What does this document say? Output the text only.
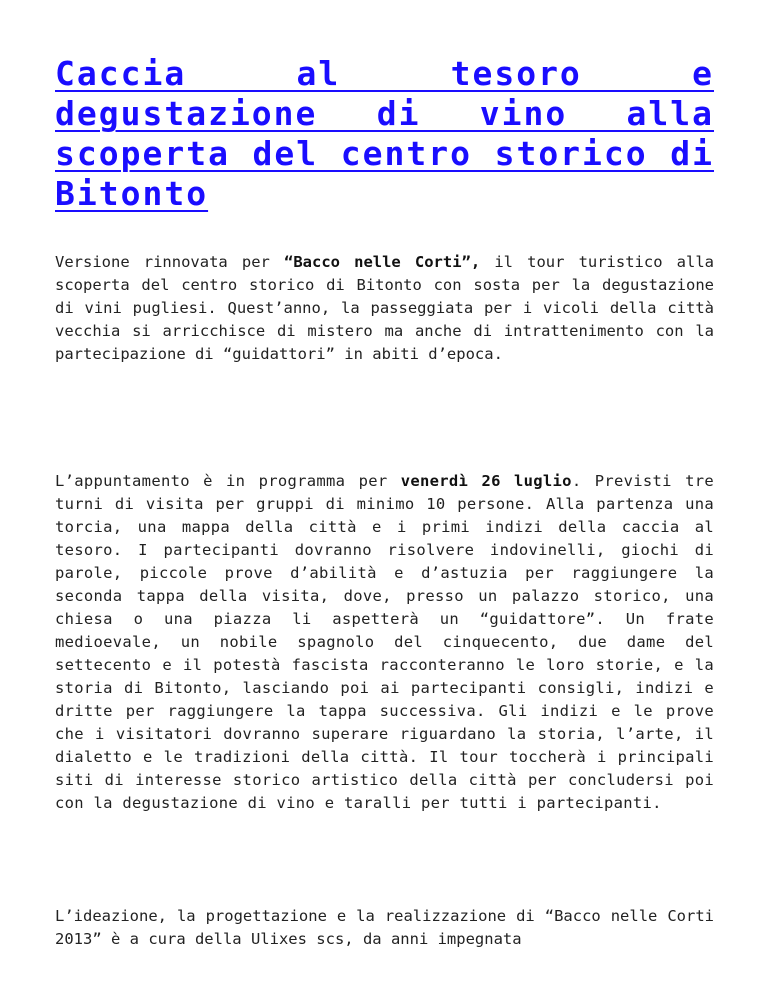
Caccia al tesoro e degustazione di vino alla scoperta del centro storico di Bitonto

Versione rinnovata per “Bacco nelle Corti”, il tour turistico alla scoperta del centro storico di Bitonto con sosta per la degustazione di vini pugliesi. Quest’anno, la passeggiata per i vicoli della città vecchia si arricchisce di mistero ma anche di intrattenimento con la partecipazione di “guidattori” in abiti d’epoca.

L’appuntamento è in programma per venerdì 26 luglio. Previsti tre turni di visita per gruppi di minimo 10 persone. Alla partenza una torcia, una mappa della città e i primi indizi della caccia al tesoro. I partecipanti dovranno risolvere indovinelli, giochi di parole, piccole prove d’abilità e d’astuzia per raggiungere la seconda tappa della visita, dove, presso un palazzo storico, una chiesa o una piazza li aspetterà un “guidattore”. Un frate medioevale, un nobile spagnolo del cinquecento, due dame del settecento e il potestà fascista racconteranno le loro storie, e la storia di Bitonto, lasciando poi ai partecipanti consigli, indizi e dritte per raggiungere la tappa successiva. Gli indizi e le prove che i visitatori dovranno superare riguardano la storia, l’arte, il dialetto e le tradizioni della città. Il tour toccherà i principali siti di interesse storico artistico della città per concludersi poi con la degustazione di vino e taralli per tutti i partecipanti.

L’ideazione, la progettazione e la realizzazione di “Bacco nelle Corti 2013” è a cura della Ulixes scs, da anni impegnata
